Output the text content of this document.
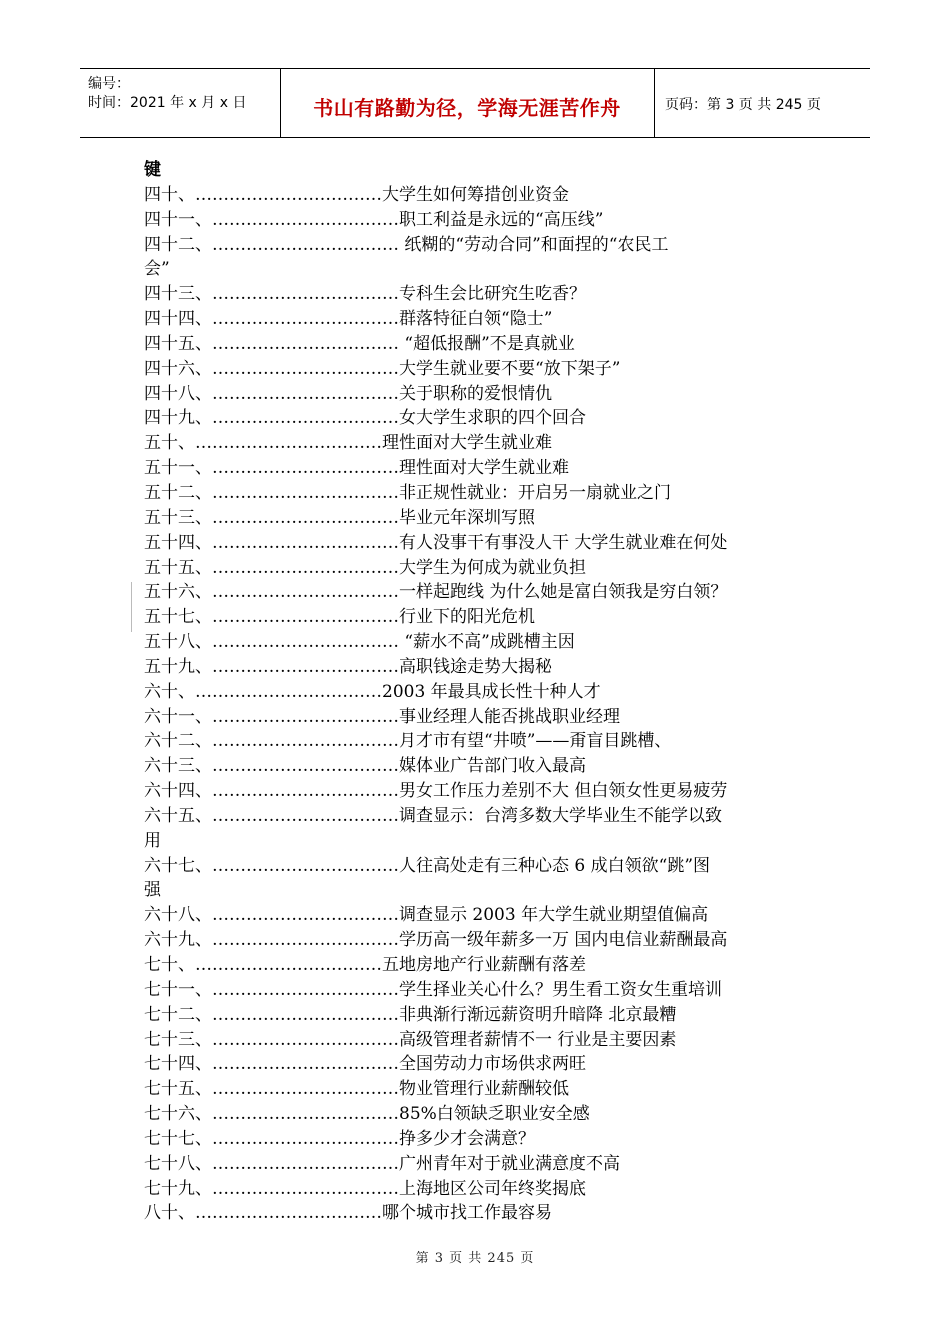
编号：
时间：2021 年 x 月 x 日	书山有路勤为径，学海无涯苦作舟	页码：第 3 页 共 245 页
键
四十、……………………………大学生如何筹措创业资金
四十一、……………………………职工利益是永远的“高压线”
四十二、…………………………… 纸糊的“劳动合同”和面捏的“农民工
会”
四十三、……………………………专科生会比研究生吃香？
四十四、……………………………群落特征白领“隐士”
四十五、…………………………… “超低报酬”不是真就业
四十六、……………………………大学生就业要不要“放下架子”
四十八、……………………………关于职称的爱恨情仇
四十九、……………………………女大学生求职的四个回合
五十、……………………………理性面对大学生就业难
五十一、……………………………理性面对大学生就业难
五十二、……………………………非正规性就业：开启另一扇就业之门
五十三、……………………………毕业元年深圳写照
五十四、……………………………有人没事干有事没人干 大学生就业难在何处
五十五、……………………………大学生为何成为就业负担
五十六、……………………………一样起跑线 为什么她是富白领我是穷白领？
五十七、……………………………行业下的阳光危机
五十八、…………………………… “薪水不高”成跳槽主因
五十九、……………………………高职钱途走势大揭秘
六十、……………………………2003 年最具成长性十种人才
六十一、……………………………事业经理人能否挑战职业经理
六十二、……………………………月才市有望“井喷”——甭盲目跳槽、
六十三、……………………………媒体业广告部门收入最高
六十四、……………………………男女工作压力差别不大 但白领女性更易疲劳
六十五、……………………………调查显示：台湾多数大学毕业生不能学以致
用
六十七、……………………………人往高处走有三种心态 6 成白领欲“跳”图
强
六十八、……………………………调查显示 2003 年大学生就业期望值偏高
六十九、……………………………学历高一级年薪多一万 国内电信业薪酬最高
七十、……………………………五地房地产行业薪酬有落差
七十一、……………………………学生择业关心什么？男生看工资女生重培训
七十二、……………………………非典渐行渐远薪资明升暗降 北京最糟
七十三、……………………………高级管理者薪情不一 行业是主要因素
七十四、……………………………全国劳动力市场供求两旺
七十五、……………………………物业管理行业薪酬较低
七十六、……………………………85%白领缺乏职业安全感
七十七、……………………………挣多少才会满意？
七十八、……………………………广州青年对于就业满意度不高
七十九、……………………………上海地区公司年终奖揭底
八十、……………………………哪个城市找工作最容易
第 3 页 共 245 页
